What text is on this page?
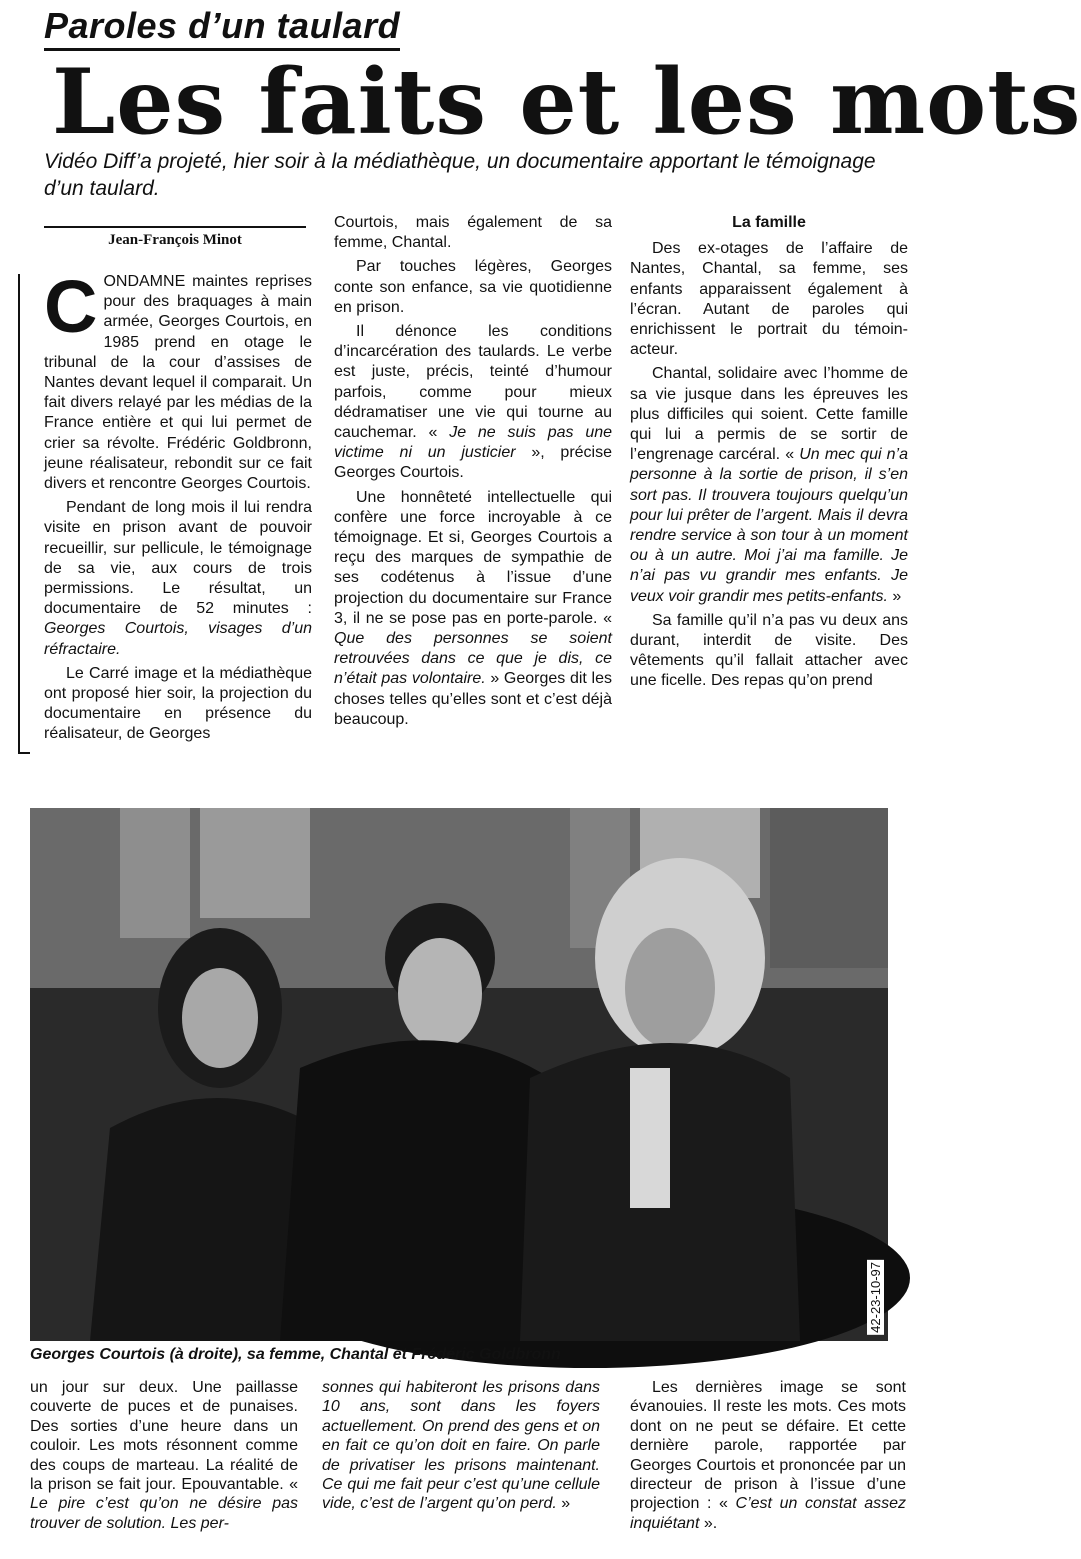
Paroles d’un taulard
Les faits et les mots
Vidéo Diff’a projeté, hier soir à la médiathèque, un documentaire apportant le témoignage d’un taulard.
Jean-François Minot

CONDAMNE maintes reprises pour des braquages à main armée, Georges Courtois, en 1985 prend en otage le tribunal de la cour d’assises de Nantes devant lequel il comparait. Un fait divers relayé par les médias de la France entière et qui lui permet de crier sa révolte. Frédéric Goldbronn, jeune réalisateur, rebondit sur ce fait divers et rencontre Georges Courtois.

Pendant de long mois il lui rendra visite en prison avant de pouvoir recueillir, sur pellicule, le témoignage de sa vie, aux cours de trois permissions. Le résultat, un documentaire de 52 minutes : Georges Courtois, visages d’un réfractaire.

Le Carré image et la médiathèque ont proposé hier soir, la projection du documentaire en présence du réalisateur, de Georges

Courtois, mais également de sa femme, Chantal.

Par touches légères, Georges conte son enfance, sa vie quotidienne en prison.

Il dénonce les conditions d’incarcération des taulards. Le verbe est juste, précis, teinté d’humour parfois, comme pour mieux dédramatiser une vie qui tourne au cauchemar. « Je ne suis pas une victime ni un justicier », précise Georges Courtois.

Une honnêteté intellectuelle qui confère une force incroyable à ce témoignage. Et si, Georges Courtois a reçu des marques de sympathie de ses codétenus à l’issue d’une projection du documentaire sur France 3, il ne se pose pas en porte-parole. « Que des personnes se soient retrouvées dans ce que je dis, ce n’était pas volontaire. » Georges dit les choses telles qu’elles sont et c’est déjà beaucoup.

La famille

Des ex-otages de l’affaire de Nantes, Chantal, sa femme, ses enfants apparaissent également à l’écran. Autant de paroles qui enrichissent le portrait du témoin-acteur.

Chantal, solidaire avec l’homme de sa vie jusque dans les épreuves les plus difficiles qui soient. Cette famille qui lui a permis de se sortir de l’engrenage carcéral. « Un mec qui n’a personne à la sortie de prison, il s’en sort pas. Il trouvera toujours quelqu’un pour lui prêter de l’argent. Mais il devra rendre service à son tour à un moment ou à un autre. Moi j’ai ma famille. Je n’ai pas vu grandir mes enfants. Je veux voir grandir mes petits-enfants. »

Sa famille qu’il n’a pas vu deux ans durant, interdit de visite. Des vêtements qu’il fallait attacher avec une ficelle. Des repas qu’on prend

42-23-10-97
Georges Courtois (à droite), sa femme, Chantal et Frédéric Goldbronn

un jour sur deux. Une paillasse couverte de puces et de punaises. Des sorties d’une heure dans un couloir. Les mots résonnent comme des coups de marteau. La réalité de la prison se fait jour. Epouvantable. « Le pire c’est qu’on ne désire pas trouver de solution. Les per-

sonnes qui habiteront les prisons dans 10 ans, sont dans les foyers actuellement. On prend des gens et on en fait ce qu’on doit en faire. On parle de privatiser les prisons maintenant. Ce qui me fait peur c’est qu’une cellule vide, c’est de l’argent qu’on perd. »

Les dernières image se sont évanouies. Il reste les mots. Ces mots dont on ne peut se défaire. Et cette dernière parole, rapportée par Georges Courtois et prononcée par un directeur de prison à l’issue d’une projection : « C’est un constat assez inquiétant ».
